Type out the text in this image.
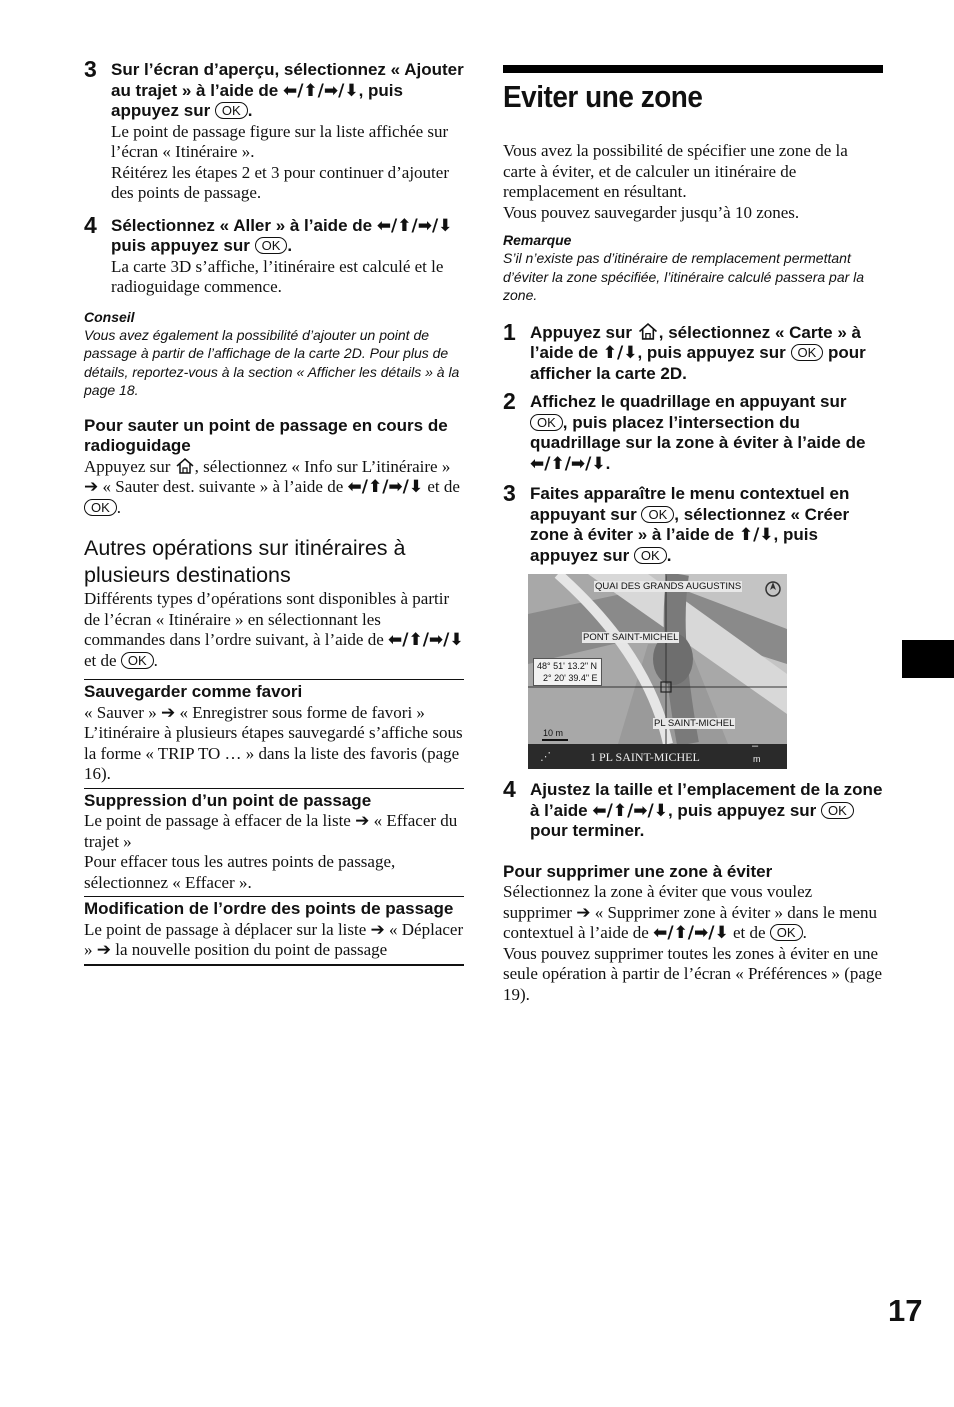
3 Sur l’écran d’aperçu, sélectionnez « Ajouter au trajet » à l’aide de ⬅/⬆/➡/⬇, puis appuyez sur OK .

Le point de passage figure sur la liste affichée sur l’écran « Itinéraire ».

Réitérez les étapes 2 et 3 pour continuer d’ajouter des points de passage.

4 Sélectionnez « Aller » à l’aide de ⬅/⬆/➡/⬇ puis appuyez sur OK .

La carte 3D s’affiche, l’itinéraire est calculé et le radioguidage commence.

Conseil
Vous avez également la possibilité d’ajouter un point de passage à partir de l’affichage de la carte 2D. Pour plus de détails, reportez-vous à la section « Afficher les détails » à la page 18.
Pour sauter un point de passage en cours de radioguidage

Appuyez sur , sélectionnez « Info sur L’itinéraire » ➔ « Sauter dest. suivante » à l’aide de ⬅/⬆/➡/⬇ et de OK .

Autres opérations sur itinéraires à plusieurs destinations

Différents types d’opérations sont disponibles à partir de l’écran « Itinéraire » en sélectionnant les commandes dans l’ordre suivant, à l’aide de ⬅/⬆/➡/⬇ et de OK .

Sauvegarder comme favori

« Sauver » ➔ « Enregistrer sous forme de favori »

L’itinéraire à plusieurs étapes sauvegardé s’affiche sous la forme « TRIP TO … » dans la liste des favoris (page 16).

Suppression d’un point de passage

Le point de passage à effacer de la liste ➔ « Effacer du trajet »

Pour effacer tous les autres points de passage, sélectionnez « Effacer ».

Modification de l’ordre des points de passage

Le point de passage à déplacer sur la liste ➔ « Déplacer » ➔ la nouvelle position du point de passage

Eviter une zone

Vous avez la possibilité de spécifier une zone de la carte à éviter, et de calculer un itinéraire de remplacement en résultant.

Vous pouvez sauvegarder jusqu’à 10 zones.

Remarque
S’il n’existe pas d’itinéraire de remplacement permettant d’éviter la zone spécifiée, l’itinéraire calculé passera par la zone.
1 Appuyez sur , sélectionnez « Carte » à l’aide de ⬆/⬇, puis appuyez sur OK pour afficher la carte 2D.
2 Affichez le quadrillage en appuyant sur OK , puis placez l’intersection du quadrillage sur la zone à éviter à l’aide de ⬅/⬆/➡/⬇.
3 Faites apparaître le menu contextuel en appuyant sur OK , sélectionnez « Créer zone à éviter » à l’aide de ⬆/⬇, puis appuyez sur OK .
QUAI DES GRANDS AUGUSTINS
PONT SAINT-MICHEL
PL SAINT-MICHEL
48° 51' 13.2" N
2° 20' 39.4" E
10 m
⋰	1 PL SAINT-MICHEL
–
m
4 Ajustez la taille et l’emplacement de la zone à l’aide ⬅/⬆/➡/⬇, puis appuyez sur OK pour terminer.
Pour supprimer une zone à éviter

Sélectionnez la zone à éviter que vous voulez supprimer ➔ « Supprimer zone à éviter » dans le menu contextuel à l’aide de ⬅/⬆/➡/⬇ et de OK .

Vous pouvez supprimer toutes les zones à éviter en une seule opération à partir de l’écran « Préférences » (page 19).

17
